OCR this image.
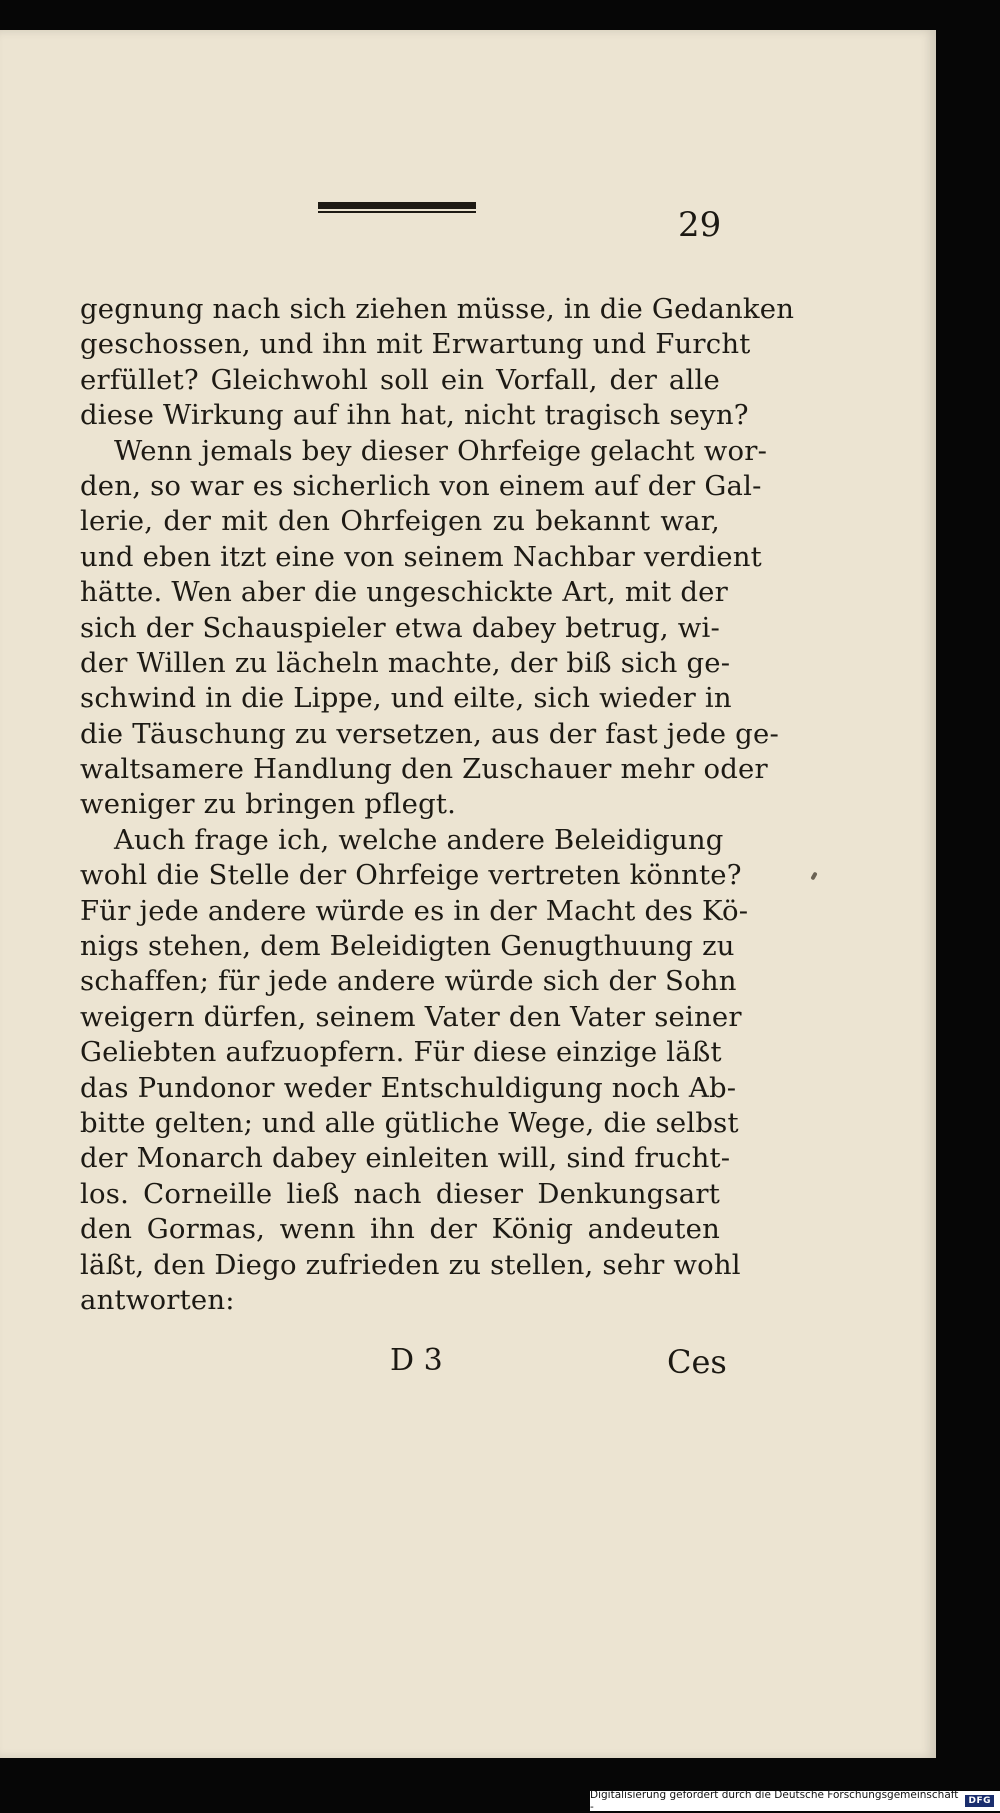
29
gegnung nach sich ziehen müsse, in die Gedanken
geschossen, und ihn mit Erwartung und Furcht
erfüllet? Gleichwohl soll ein Vorfall, der alle
diese Wirkung auf ihn hat, nicht tragisch seyn?
Wenn jemals bey dieser Ohrfeige gelacht wor-
den, so war es sicherlich von einem auf der Gal-
lerie, der mit den Ohrfeigen zu bekannt war,
und eben itzt eine von seinem Nachbar verdient
hätte. Wen aber die ungeschickte Art, mit der
sich der Schauspieler etwa dabey betrug, wi-
der Willen zu lächeln machte, der biß sich ge-
schwind in die Lippe, und eilte, sich wieder in
die Täuschung zu versetzen, aus der fast jede ge-
waltsamere Handlung den Zuschauer mehr oder
weniger zu bringen pflegt.
Auch frage ich, welche andere Beleidigung
wohl die Stelle der Ohrfeige vertreten könnte?
Für jede andere würde es in der Macht des Kö-
nigs stehen, dem Beleidigten Genugthuung zu
schaffen; für jede andere würde sich der Sohn
weigern dürfen, seinem Vater den Vater seiner
Geliebten aufzuopfern. Für diese einzige läßt
das Pundonor weder Entschuldigung noch Ab-
bitte gelten; und alle gütliche Wege, die selbst
der Monarch dabey einleiten will, sind frucht-
los. Corneille ließ nach dieser Denkungsart
den Gormas, wenn ihn der König andeuten
läßt, den Diego zufrieden zu stellen, sehr wohl
antworten:
D 3	Ces
Digitalisierung gefördert durch die Deutsche Forschungsgemeinschaft -	DFG
